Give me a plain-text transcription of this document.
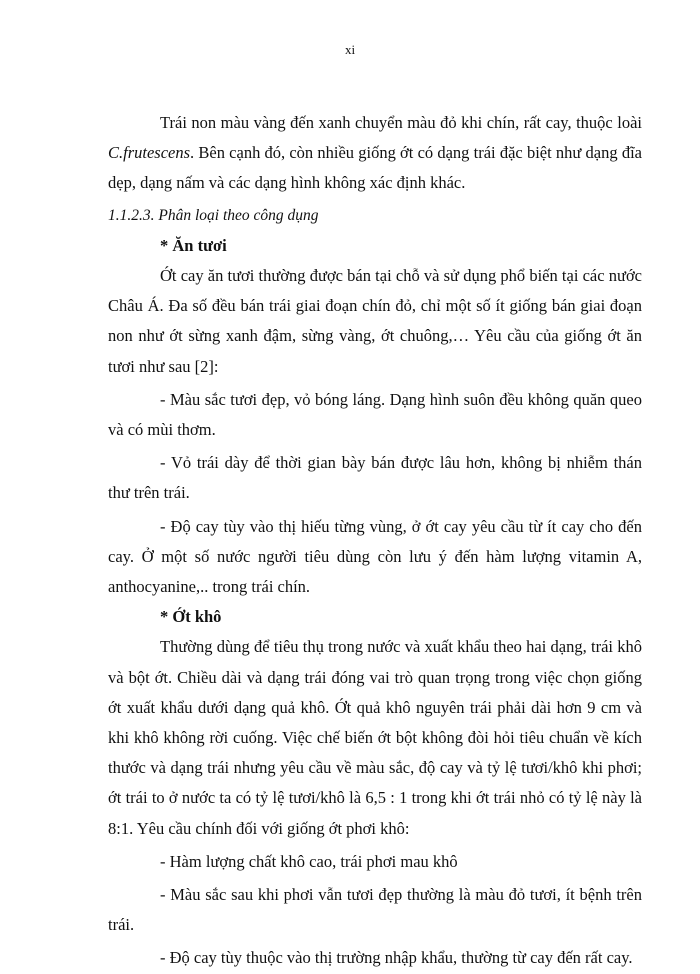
xi

Trái non màu vàng đến xanh chuyển màu đỏ khi chín, rất cay, thuộc loài C.frutescens. Bên cạnh đó, còn nhiều giống ớt có dạng trái đặc biệt như dạng đĩa dẹp, dạng nấm và các dạng hình không xác định khác.

1.1.2.3. Phân loại theo công dụng

* Ăn tươi

Ớt cay ăn tươi thường được bán tại chỗ và sử dụng phổ biến tại các nước Châu Á. Đa số đều bán trái giai đoạn chín đỏ, chỉ một số ít giống bán giai đoạn non như ớt sừng xanh đậm, sừng vàng, ớt chuông,… Yêu cầu của giống ớt ăn tươi như sau [2]:

- Màu sắc tươi đẹp, vỏ bóng láng. Dạng hình suôn đều không quăn queo và có mùi thơm.

- Vỏ trái dày để thời gian bày bán được lâu hơn, không bị nhiễm thán thư trên trái.

- Độ cay tùy vào thị hiếu từng vùng, ở ớt cay yêu cầu từ ít cay cho đến cay. Ở một số nước người tiêu dùng còn lưu ý đến hàm lượng vitamin A, anthocyanine,.. trong trái chín.

* Ớt khô

Thường dùng để tiêu thụ trong nước và xuất khẩu theo hai dạng, trái khô và bột ớt. Chiều dài và dạng trái đóng vai trò quan trọng trong việc chọn giống ớt xuất khẩu dưới dạng quả khô. Ớt quả khô nguyên trái phải dài hơn 9 cm và khi khô không rời cuống. Việc chế biến ớt bột không đòi hỏi tiêu chuẩn về kích thước và dạng trái nhưng yêu cầu về màu sắc, độ cay và tỷ lệ tươi/khô khi phơi; ớt trái to ở nước ta có tỷ lệ tươi/khô là 6,5 : 1 trong khi ớt trái nhỏ có tỷ lệ này là 8:1. Yêu cầu chính đối với giống ớt phơi khô:

- Hàm lượng chất khô cao, trái phơi mau khô

- Màu sắc sau khi phơi vẫn tươi đẹp thường là màu đỏ tươi, ít bệnh trên trái.

- Độ cay tùy thuộc vào thị trường nhập khẩu, thường từ cay đến rất cay.
